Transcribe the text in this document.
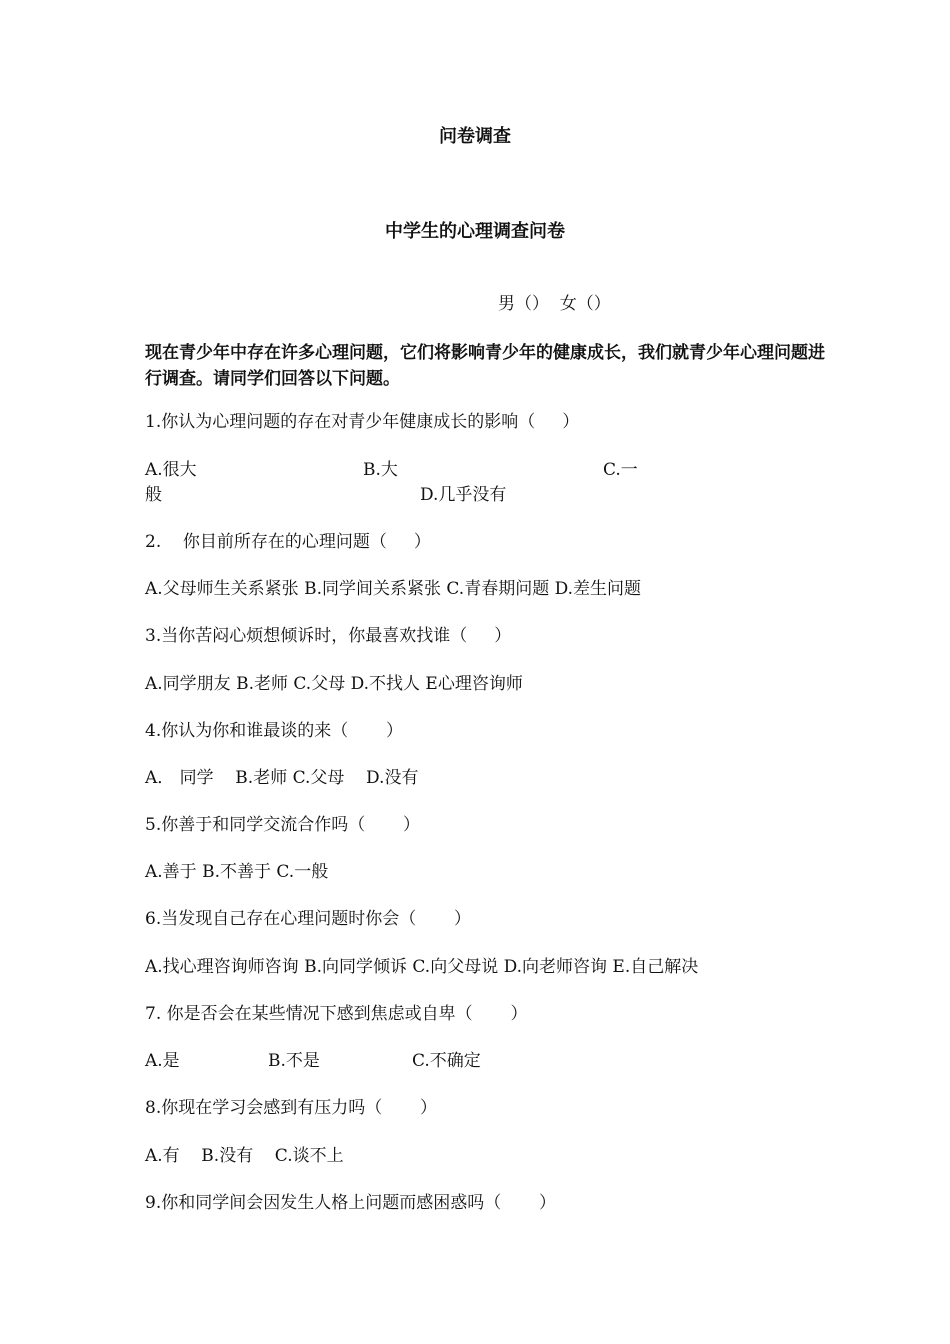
问卷调查
中学生的心理调查问卷
男（）  女（）
现在青少年中存在许多心理问题，它们将影响青少年的健康成长，我们就青少年心理问题进行调查。请同学们回答以下问题。
1.你认为心理问题的存在对青少年健康成长的影响（     ）
A.很大	B.大	C.一
般	D.几乎没有
2.    你目前所存在的心理问题（     ）
A.父母师生关系紧张 B.同学间关系紧张 C.青春期问题 D.差生问题
3.当你苦闷心烦想倾诉时，你最喜欢找谁（     ）
A.同学朋友 B.老师 C.父母 D.不找人 E心理咨询师
4.你认为你和谁最谈的来（       ）
A． 同学    B.老师 C.父母    D.没有
5.你善于和同学交流合作吗（       ）
A.善于 B.不善于 C.一般
6.当发现自己存在心理问题时你会（       ）
A.找心理咨询师咨询 B.向同学倾诉 C.向父母说 D.向老师咨询 E.自己解决
7. 你是否会在某些情况下感到焦虑或自卑（       ）
A.是	B.不是	C.不确定
8.你现在学习会感到有压力吗（       ）
A.有    B.没有    C.谈不上
9.你和同学间会因发生人格上问题而感困惑吗（       ）
